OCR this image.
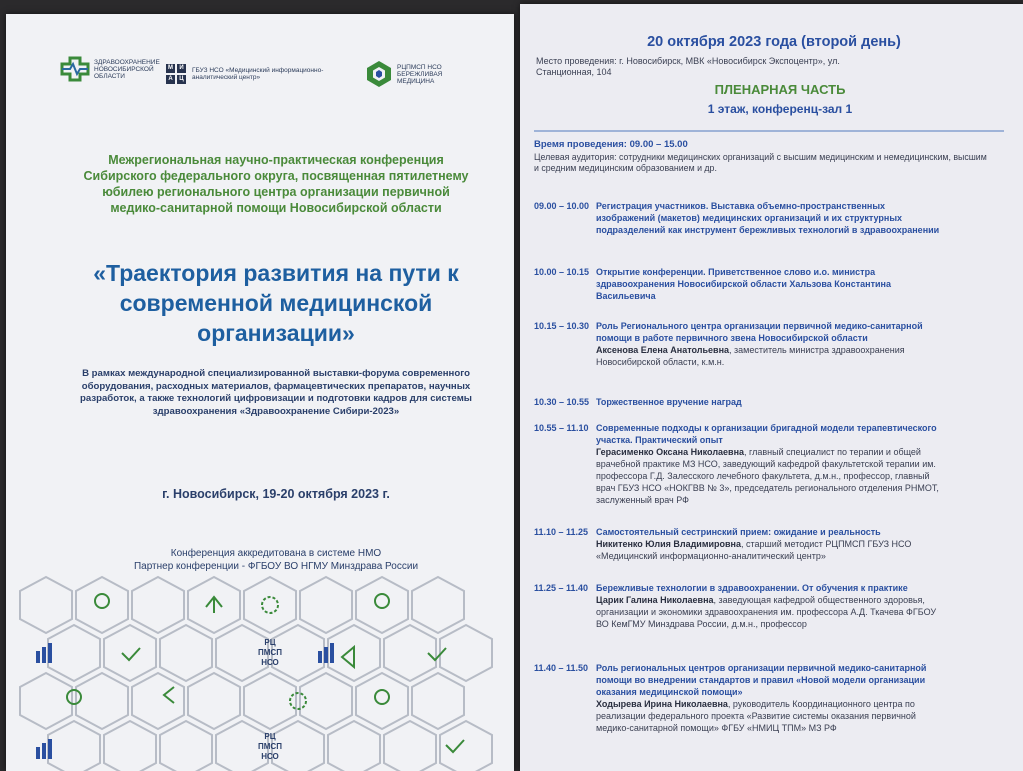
ЗДРАВООХРАНЕНИЕ НОВОСИБИРСКОЙ ОБЛАСТИ
М	И
А	Ц
ГБУЗ НСО «Медицинский информационно-аналитический центр»
РЦПМСП НСО БЕРЕЖЛИВАЯ МЕДИЦИНА
Межрегиональная научно-практическая конференция Сибирского федерального округа, посвященная пятилетнему юбилею регионального центра организации первичной медико-санитарной помощи Новосибирской области
«Траектория развития на пути к современной медицинской организации»
В рамках международной специализированной выставки-форума современного оборудования, расходных материалов, фармацевтических препаратов, научных разработок, а также технологий цифровизации и подготовки кадров для системы здравоохранения «Здравоохранение Сибири-2023»
г. Новосибирск, 19-20 октября 2023 г.
Конференция аккредитована в системе НМО
Партнер конференции - ФГБОУ ВО НГМУ Минздрава России
РЦ
ПМСП
НСО
РЦ
ПМСП
НСО
20 октября 2023 года (второй день)
Место проведения: г. Новосибирск, МВК «Новосибирск Экспоцентр», ул. Станционная, 104
ПЛЕНАРНАЯ ЧАСТЬ
1 этаж, конференц-зал 1
Время проведения: 09.00 – 15.00
Целевая аудитория: сотрудники медицинских организаций с высшим медицинским и немедицинским, высшим и средним медицинским образованием и др.
09.00 – 10.00 Регистрация участников. Выставка объемно-пространственных изображений (макетов) медицинских организаций и их структурных подразделений как инструмент бережливых технологий в здравоохранении
10.00 – 10.15 Открытие конференции. Приветственное слово и.о. министра здравоохранения Новосибирской области Хальзова Константина Васильевича
10.15 – 10.30 Роль Регионального центра организации первичной медико-санитарной помощи в работе первичного звена Новосибирской области
Аксенова Елена Анатольевна, заместитель министра здравоохранения Новосибирской области, к.м.н.
10.30 – 10.55 Торжественное вручение наград
10.55 – 11.10 Современные подходы к организации бригадной модели терапевтического участка. Практический опыт
Герасименко Оксана Николаевна, главный специалист по терапии и общей врачебной практике МЗ НСО, заведующий кафедрой факультетской терапии им. профессора Г.Д. Залесского лечебного факультета, д.м.н., профессор, главный врач ГБУЗ НСО «НОКГВВ № 3», председатель регионального отделения РНМОТ, заслуженный врач РФ
11.10 – 11.25 Самостоятельный сестринский прием: ожидание и реальность
Никитенко Юлия Владимировна, старший методист РЦПМСП ГБУЗ НСО «Медицинский информационно-аналитический центр»
11.25 – 11.40 Бережливые технологии в здравоохранении. От обучения к практике
Царик Галина Николаевна, заведующая кафедрой общественного здоровья, организации и экономики здравоохранения им. профессора А.Д. Ткачева ФГБОУ ВО КемГМУ Минздрава России, д.м.н., профессор
11.40 – 11.50 Роль региональных центров организации первичной медико-санитарной помощи во внедрении стандартов и правил «Новой модели организации оказания медицинской помощи»
Ходырева Ирина Николаевна, руководитель Координационного центра по реализации федерального проекта «Развитие системы оказания первичной медико-санитарной помощи» ФГБУ «НМИЦ ТПМ» МЗ РФ
